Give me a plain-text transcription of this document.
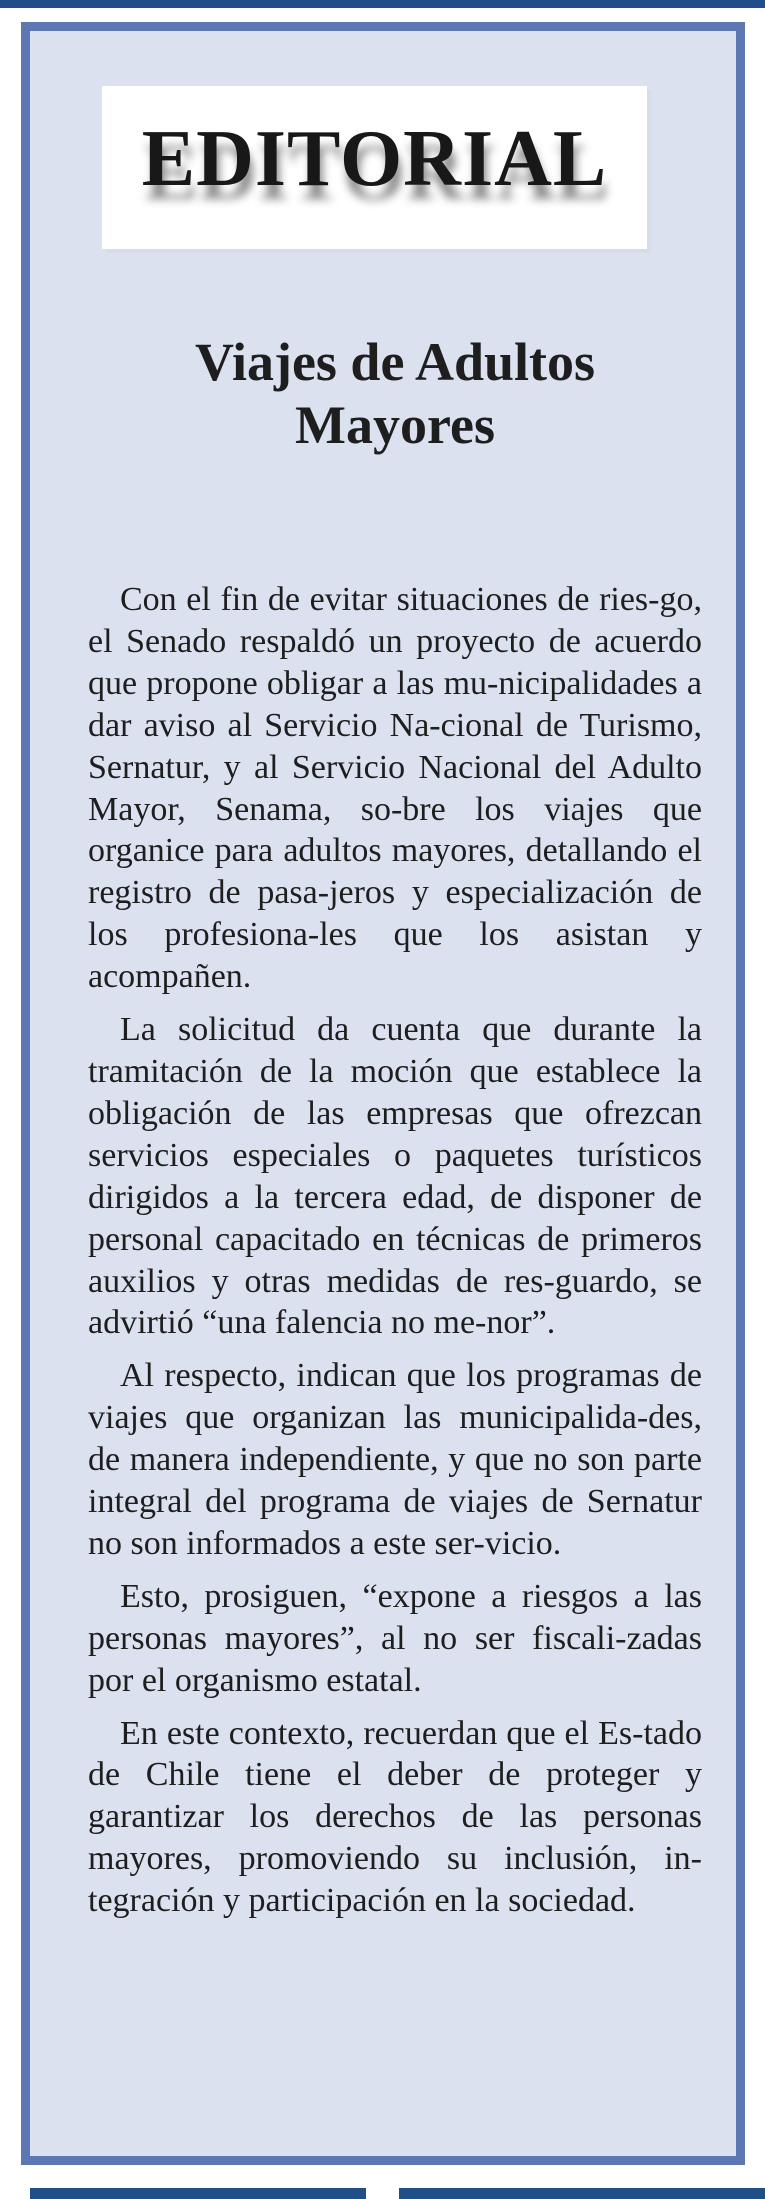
EDITORIAL
Viajes de Adultos Mayores

Con el fin de evitar situaciones de ries-go, el Senado respaldó un proyecto de acuerdo que propone obligar a las mu-nicipalidades a dar aviso al Servicio Na-cional de Turismo, Sernatur, y al Servicio Nacional del Adulto Mayor, Senama, so-bre los viajes que organice para adultos mayores, detallando el registro de pasa-jeros y especialización de los profesiona-les que los asistan y acompañen.

La solicitud da cuenta que durante la tramitación de la moción que establece la obligación de las empresas que ofrezcan servicios especiales o paquetes turísticos dirigidos a la tercera edad, de disponer de personal capacitado en técnicas de primeros auxilios y otras medidas de res-guardo, se advirtió “una falencia no me-nor”.

Al respecto, indican que los programas de viajes que organizan las municipalida-des, de manera independiente, y que no son parte integral del programa de viajes de Sernatur no son informados a este ser-vicio.

Esto, prosiguen, “expone a riesgos a las personas mayores”, al no ser fiscali-zadas por el organismo estatal.

En este contexto, recuerdan que el Es-tado de Chile tiene el deber de proteger y garantizar los derechos de las personas mayores, promoviendo su inclusión, in-tegración y participación en la sociedad.
